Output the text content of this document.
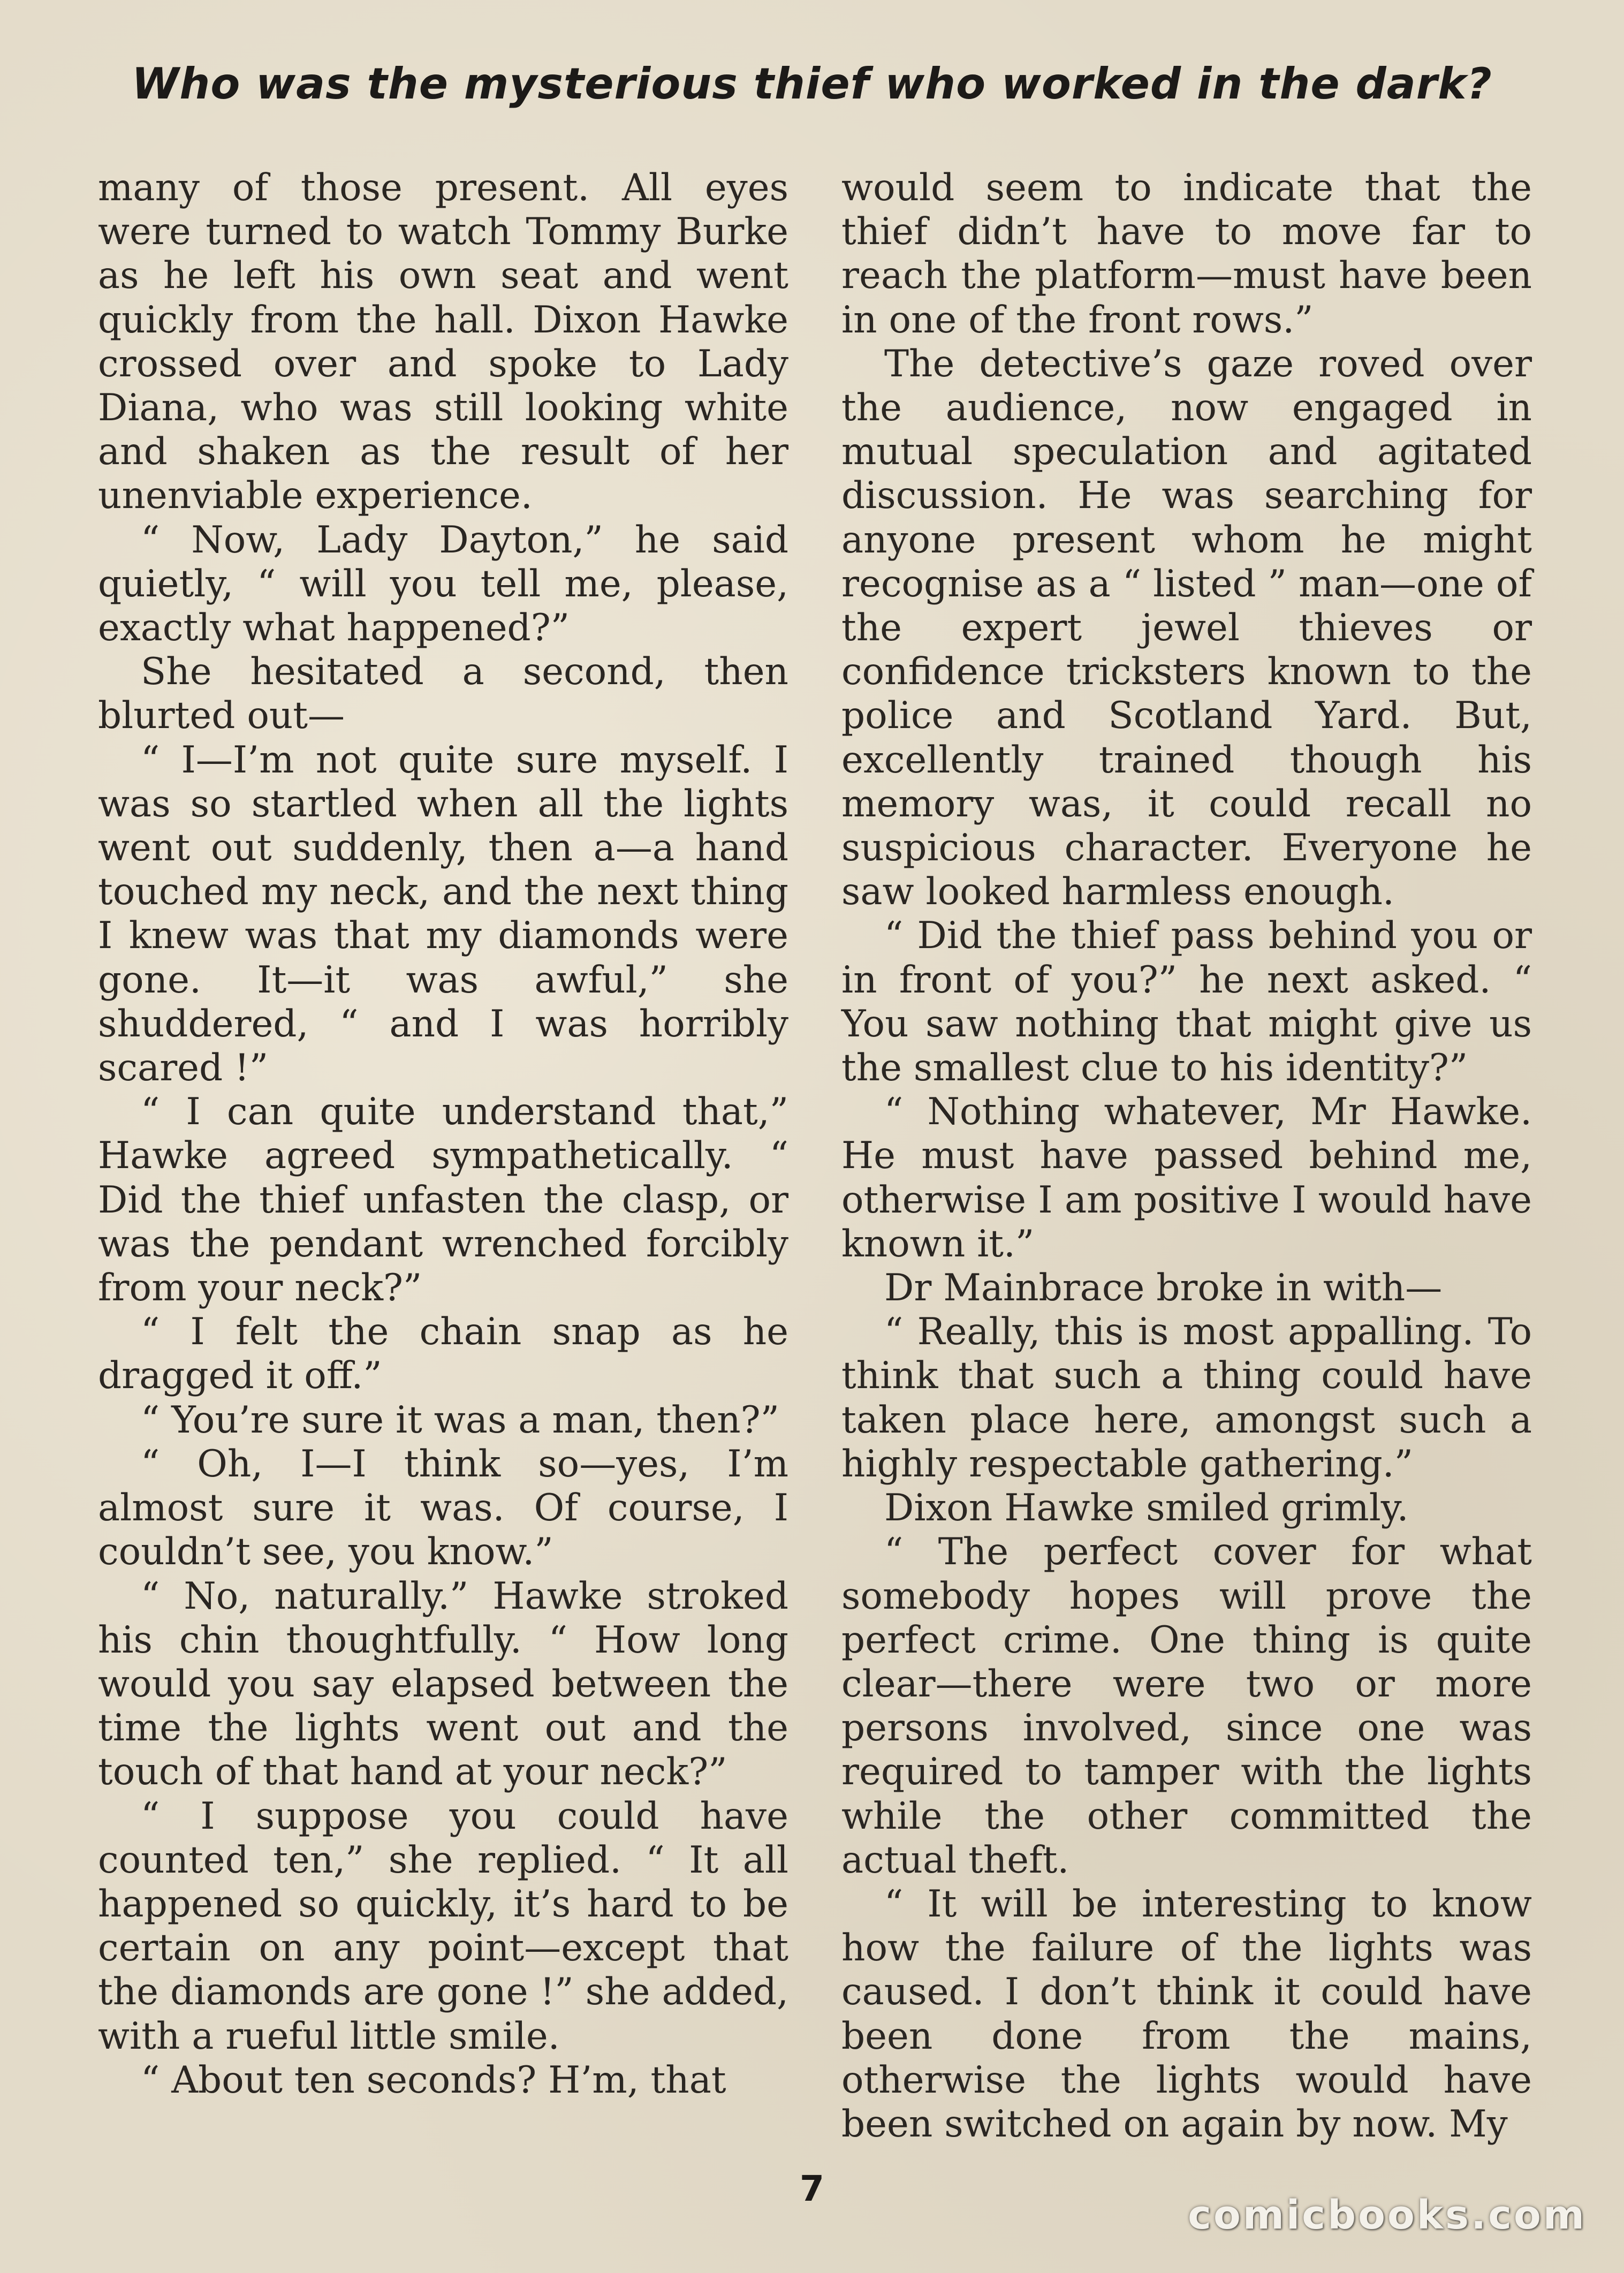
Who was the mysterious thief who worked in the dark?

many of those present. All eyes were turned to watch Tommy Burke as he left his own seat and went quickly from the hall. Dixon Hawke crossed over and spoke to Lady Diana, who was still looking white and shaken as the result of her unenviable experience.

“ Now, Lady Dayton,” he said quietly, “ will you tell me, please, exactly what happened?”

She hesitated a second, then blurted out—

“ I—I’m not quite sure myself. I was so startled when all the lights went out suddenly, then a—a hand touched my neck, and the next thing I knew was that my diamonds were gone. It—it was awful,” she shuddered, “ and I was horribly scared !”

“ I can quite understand that,” Hawke agreed sympathetically. “ Did the thief unfasten the clasp, or was the pendant wrenched forcibly from your neck?”

“ I felt the chain snap as he dragged it off.”

“ You’re sure it was a man, then?”

“ Oh, I—I think so—yes, I’m almost sure it was. Of course, I couldn’t see, you know.”

“ No, naturally.” Hawke stroked his chin thoughtfully. “ How long would you say elapsed between the time the lights went out and the touch of that hand at your neck?”

“ I suppose you could have counted ten,” she replied. “ It all happened so quickly, it’s hard to be certain on any point—except that the diamonds are gone !” she added, with a rueful little smile.

“ About ten seconds? H’m, that

would seem to indicate that the thief didn’t have to move far to reach the platform—must have been in one of the front rows.”

The detective’s gaze roved over the audience, now engaged in mutual speculation and agitated discussion. He was searching for anyone present whom he might recognise as a “ listed ” man—one of the expert jewel thieves or confidence tricksters known to the police and Scotland Yard. But, excellently trained though his memory was, it could recall no suspicious character. Everyone he saw looked harmless enough.

“ Did the thief pass behind you or in front of you?” he next asked. “ You saw nothing that might give us the smallest clue to his identity?”

“ Nothing whatever, Mr Hawke. He must have passed behind me, otherwise I am positive I would have known it.”

Dr Mainbrace broke in with—

“ Really, this is most appalling. To think that such a thing could have taken place here, amongst such a highly respectable gathering.”

Dixon Hawke smiled grimly.

“ The perfect cover for what somebody hopes will prove the perfect crime. One thing is quite clear—there were two or more persons involved, since one was required to tamper with the lights while the other committed the actual theft.

“ It will be interesting to know how the failure of the lights was caused. I don’t think it could have been done from the mains, otherwise the lights would have been switched on again by now. My

7
comicbooks.com
